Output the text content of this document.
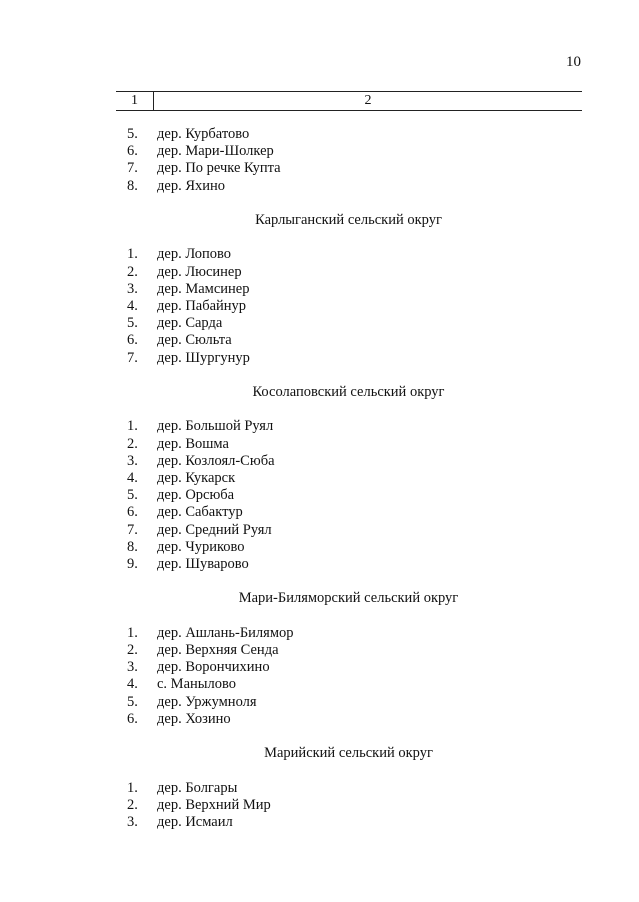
10
1	2
5.	дер. Курбатово
6.	дер. Мари-Шолкер
7.	дер. По речке Купта
8.	дер. Яхино
Карлыганский сельский округ
1.	дер. Лопово
2.	дер. Люсинер
3.	дер. Мамсинер
4.	дер. Пабайнур
5.	дер. Сарда
6.	дер. Сюльта
7.	дер. Шургунур
Косолаповский сельский округ
1.	дер. Большой Руял
2.	дер. Вошма
3.	дер. Козлоял-Сюба
4.	дер. Кукарск
5.	дер. Орсюба
6.	дер. Сабактур
7.	дер. Средний Руял
8.	дер. Чуриково
9.	дер. Шуварово
Мари-Биляморский сельский округ
1.	дер. Ашлань-Билямор
2.	дер. Верхняя Сенда
3.	дер. Ворончихино
4.	с. Манылово
5.	дер. Уржумноля
6.	дер. Хозино
Марийский сельский округ
1.	дер. Болгары
2.	дер. Верхний Мир
3.	дер. Исмаил
